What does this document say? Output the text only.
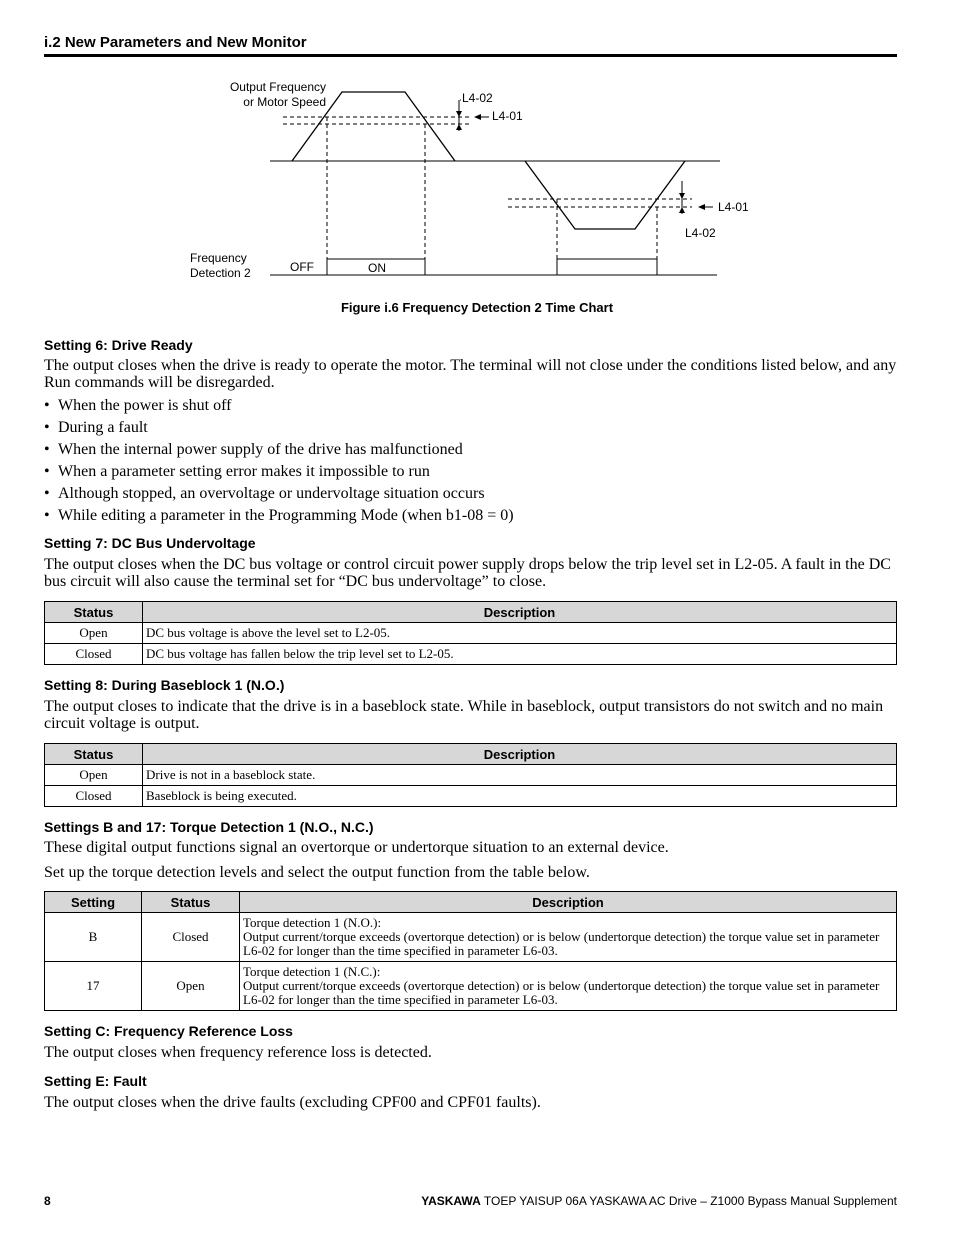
i.2 New Parameters and New Monitor
Output Frequency
or Motor Speed	L4-02
L4-01
L4-01
L4-02
Frequency
Detection 2	OFF	ON
Figure i.6 Frequency Detection 2 Time Chart
Setting 6: Drive Ready

The output closes when the drive is ready to operate the motor. The terminal will not close under the conditions listed below, and any Run commands will be disregarded.

• When the power is shut off
• During a fault
• When the internal power supply of the drive has malfunctioned
• When a parameter setting error makes it impossible to run
• Although stopped, an overvoltage or undervoltage situation occurs
• While editing a parameter in the Programming Mode (when b1-08 = 0)
Setting 7: DC Bus Undervoltage

The output closes when the DC bus voltage or control circuit power supply drops below the trip level set in L2-05. A fault in the DC bus circuit will also cause the terminal set for “DC bus undervoltage” to close.

Status	Description
Open	DC bus voltage is above the level set to L2-05.
Closed	DC bus voltage has fallen below the trip level set to L2-05.
Setting 8: During Baseblock 1 (N.O.)

The output closes to indicate that the drive is in a baseblock state. While in baseblock, output transistors do not switch and no main circuit voltage is output.

Status	Description
Open	Drive is not in a baseblock state.
Closed	Baseblock is being executed.
Settings B and 17: Torque Detection 1 (N.O., N.C.)

These digital output functions signal an overtorque or undertorque situation to an external device.

Set up the torque detection levels and select the output function from the table below.

Setting	Status	Description
B	Closed	Torque detection 1 (N.O.):
Output current/torque exceeds (overtorque detection) or is below (undertorque detection) the torque value set in parameter L6-02 for longer than the time specified in parameter L6-03.

17	Open	Torque detection 1 (N.C.):
Output current/torque exceeds (overtorque detection) or is below (undertorque detection) the torque value set in parameter L6-02 for longer than the time specified in parameter L6-03.
Setting C: Frequency Reference Loss

The output closes when frequency reference loss is detected.

Setting E: Fault

The output closes when the drive faults (excluding CPF00 and CPF01 faults).

8	YASKAWA TOEP YAISUP 06A YASKAWA AC Drive – Z1000 Bypass Manual Supplement
